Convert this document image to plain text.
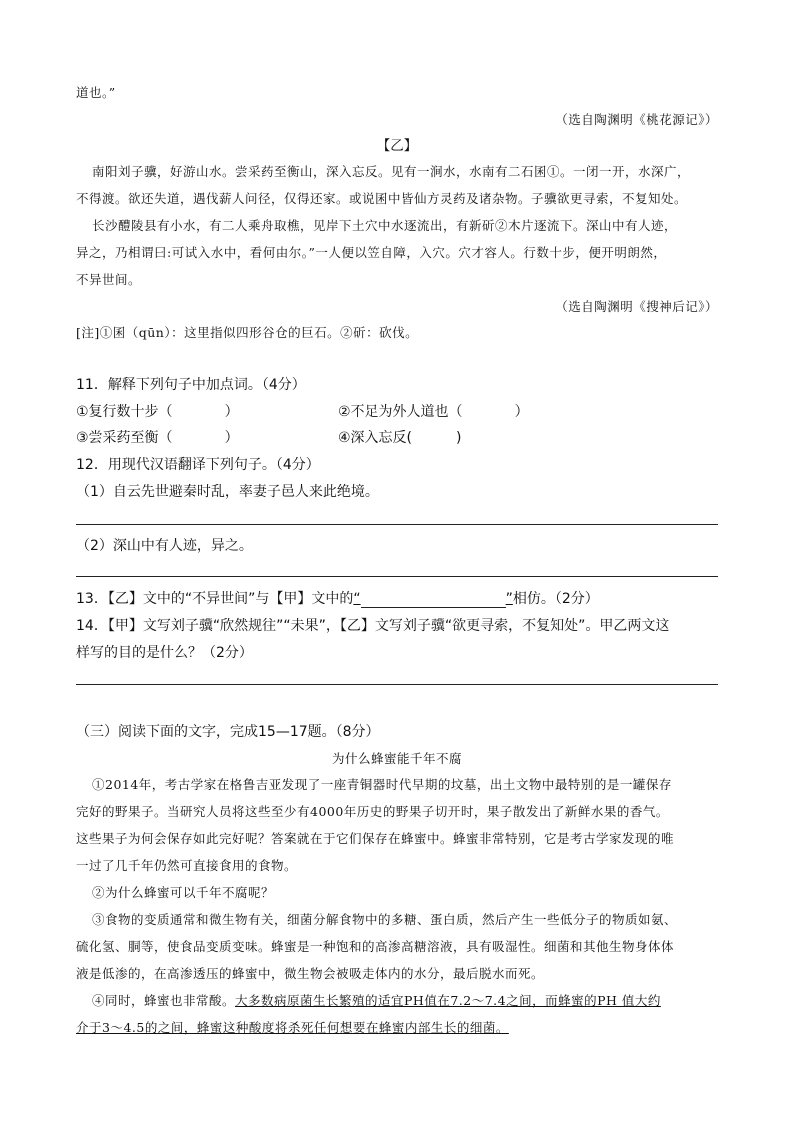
道也。”
（选自陶渊明《桃花源记》）
【乙】
南阳刘子骥，好游山水。尝采药至衡山，深入忘反。见有一涧水，水南有二石囷①。一闭一开，水深广，
不得渡。欲还失道，遇伐薪人问径，仅得还家。或说囷中皆仙方灵药及诸杂物。子骥欲更寻索，不复知处。
长沙醴陵县有小水，有二人乘舟取樵，见岸下土穴中水逐流出，有新斫②木片逐流下。深山中有人迹，
异之，乃相谓曰:可试入水中，看何由尔。”一人便以笠自障，入穴。穴才容人。行数十步，便开明朗然，
不异世间。
（选自陶渊明《搜神后记》）
[注]①囷（qūn）：这里指似四形谷仓的巨石。②斫：砍伐。
11．解释下列句子中加点词。（4分）
①复行数十步（	）	②不足为外人道也（	）
③尝采药至衡（	）	④深入忘反(	)
12．用现代汉语翻译下列句子。（4分）
（1）自云先世避秦时乱，率妻子邑人来此绝境。
（2）深山中有人迹，异之。
13．【乙】文中的“不异世间”与【甲】文中的“	”相仿。（2分）
14．【甲】文写刘子骥“欣然规往”“未果”，【乙】文写刘子骥“欲更寻索，不复知处”。甲乙两文这
样写的目的是什么？（2分）
（三）阅读下面的文字，完成15—17题。（8分）
为什么蜂蜜能千年不腐
①2014年，考古学家在格鲁吉亚发现了一座青铜器时代早期的坟墓，出土文物中最特别的是一罐保存
完好的野果子。当研究人员将这些至少有4000年历史的野果子切开时，果子散发出了新鲜水果的香气。
这些果子为何会保存如此完好呢？答案就在于它们保存在蜂蜜中。蜂蜜非常特别，它是考古学家发现的唯
一过了几千年仍然可直接食用的食物。
②为什么蜂蜜可以千年不腐呢？
③食物的变质通常和微生物有关，细菌分解食物中的多糖、蛋白质，然后产生一些低分子的物质如氨、
硫化氢、胴等，使食品变质变味。蜂蜜是一种饱和的高渗高糖溶液，具有吸湿性。细菌和其他生物身体体
液是低渗的，在高渗透压的蜂蜜中，微生物会被吸走体内的水分，最后脱水而死。
④同时，蜂蜜也非常酸。大多数病原菌生长繁殖的适宜PH值在7.2～7.4之间，而蜂蜜的PH 值大约
介于3～4.5的之间，蜂蜜这种酸度将杀死任何想要在蜂蜜内部生长的细菌。
